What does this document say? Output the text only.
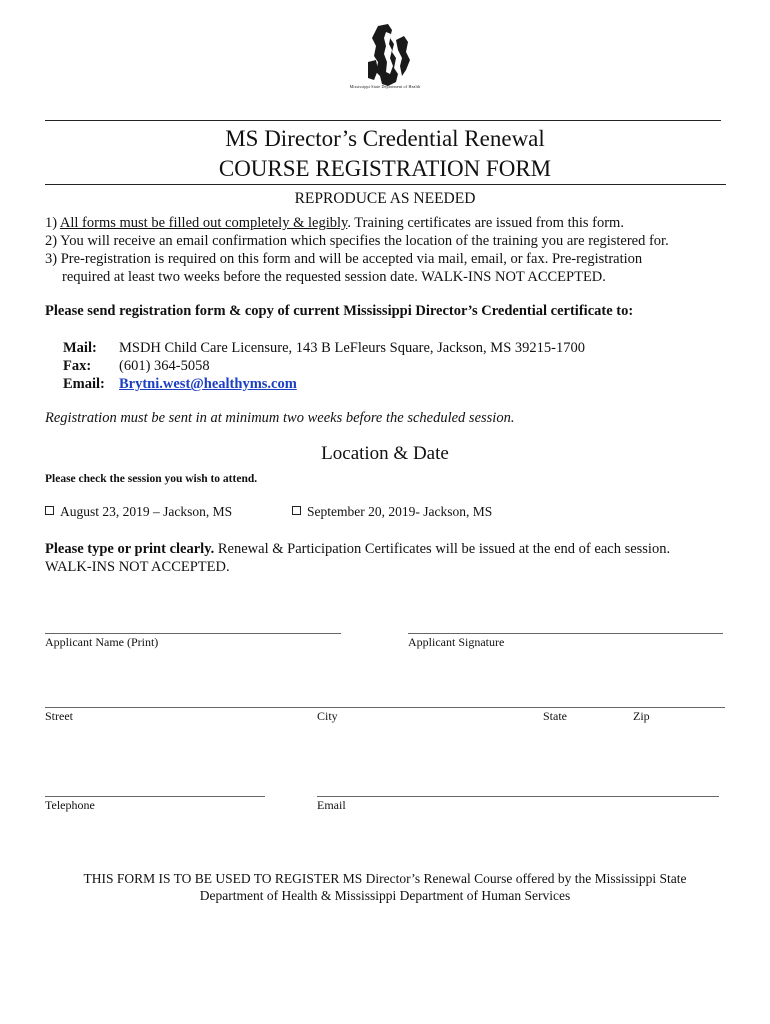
Mississippi State Department of Health
MS Director’s Credential Renewal
COURSE REGISTRATION FORM
REPRODUCE AS NEEDED
1) All forms must be filled out completely & legibly. Training certificates are issued from this form.
2) You will receive an email confirmation which specifies the location of the training you are registered for.
3) Pre-registration is required on this form and will be accepted via mail, email, or fax. Pre-registration
required at least two weeks before the requested session date. WALK-INS NOT ACCEPTED.
Please send registration form & copy of current Mississippi Director’s Credential certificate to:
Mail: MSDH Child Care Licensure, 143 B LeFleurs Square, Jackson, MS 39215-1700
Fax: (601) 364-5058
Email: Brytni.west@healthyms.com
Registration must be sent in at minimum two weeks before the scheduled session.
Location & Date
Please check the session you wish to attend.
August 23, 2019 – Jackson, MS	September 20, 2019- Jackson, MS
Please type or print clearly. Renewal & Participation Certificates will be issued at the end of each session.
WALK-INS NOT ACCEPTED.
Applicant Name (Print)	Applicant Signature
Street	City	State	Zip
Telephone	Email
THIS FORM IS TO BE USED TO REGISTER MS Director’s Renewal Course offered by the Mississippi State
Department of Health & Mississippi Department of Human Services
